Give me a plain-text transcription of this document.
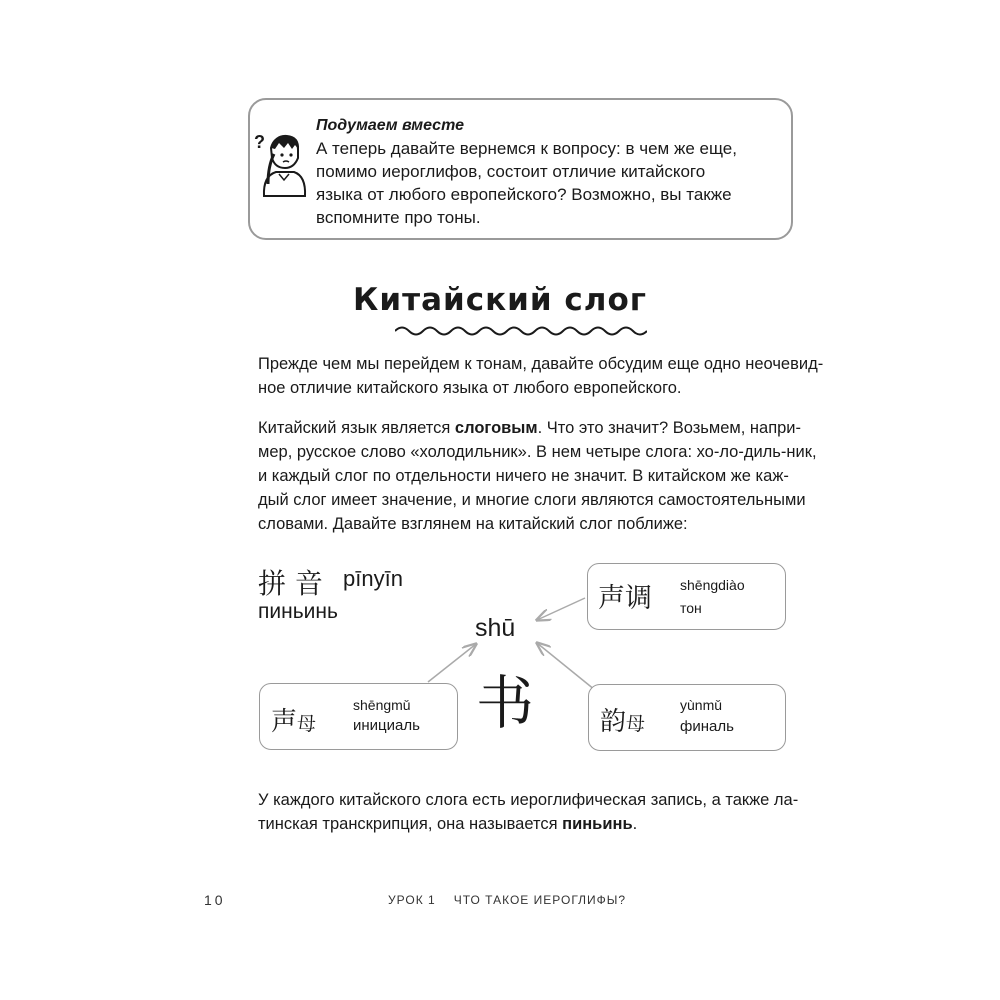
?
Подумаем вместе
А теперь давайте вернемся к вопросу: в чем же еще,
помимо иероглифов, состоит отличие китайского
языка от любого европейского? Возможно, вы также
вспомните про тоны.
Китайский слог
Прежде чем мы перейдем к тонам, давайте обсудим еще одно неочевид-
ное отличие китайского языка от любого европейского.
Китайский язык является слоговым. Что это значит? Возьмем, напри-
мер, русское слово «холодильник». В нем четыре слога: хо-ло-диль-ник,
и каждый слог по отдельности ничего не значит. В китайском же каж-
дый слог имеет значение, и многие слоги являются самостоятельными
словами. Давайте взглянем на китайский слог поближе:
拼 音 pīnyīn
пиньинь
shū
书
声调 shēngdiào
тон
声母
shēngmǔ
инициаль	韵母
yùnmǔ
финаль
У каждого китайского слога есть иероглифическая запись, а также ла-
тинская транскрипция, она называется пиньинь.
10	УРОК 1 ЧТО ТАКОЕ ИЕРОГЛИФЫ?
